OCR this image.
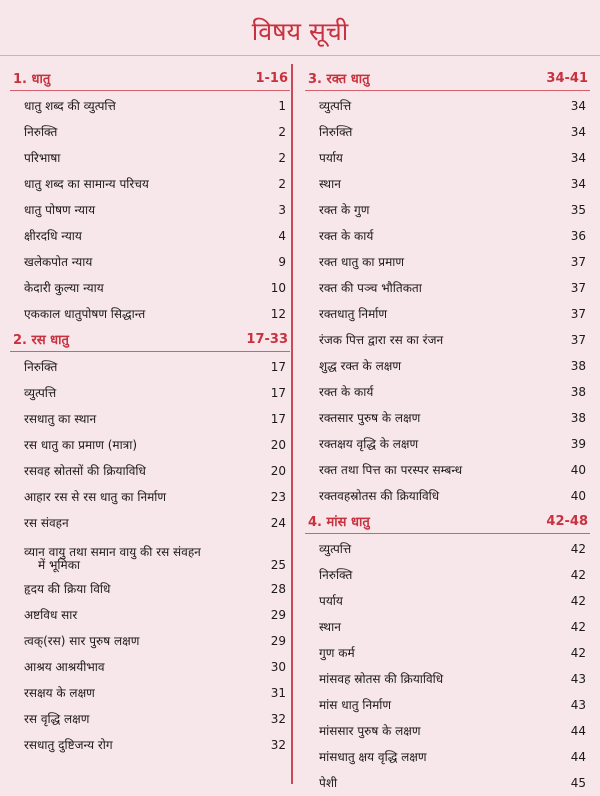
विषय सूची
1. धातु	1-16
धातु शब्द की व्युत्पत्ति	1
निरुक्ति	2
परिभाषा	2
धातु शब्द का सामान्य परिचय	2
धातु पोषण न्याय	3
क्षीरदधि न्याय	4
खलेकपोत न्याय	9
केदारी कुल्या न्याय	10
एककाल धातुपोषण सिद्धान्त	12
2. रस धातु	17-33
निरुक्ति	17
व्युत्पत्ति	17
रसधातु का स्थान	17
रस धातु का प्रमाण (मात्रा)	20
रसवह स्रोतसों की क्रियाविधि	20
आहार रस से रस धातु का निर्माण	23
रस संवहन	24
व्यान वायु तथा समान वायु की रस संवहन
में भूमिका	25
हृदय की क्रिया विधि	28
अष्टविध सार	29
त्वक्(रस) सार पुरुष लक्षण	29
आश्रय आश्रयीभाव	30
रसक्षय के लक्षण	31
रस वृद्धि लक्षण	32
रसधातु दुष्टिजन्य रोग	32
3. रक्त धातु	34-41
व्युत्पत्ति	34
निरुक्ति	34
पर्याय	34
स्थान	34
रक्त के गुण	35
रक्त के कार्य	36
रक्त धातु का प्रमाण	37
रक्त की पञ्च भौतिकता	37
रक्तधातु निर्माण	37
रंजक पित्त द्वारा रस का रंजन	37
शुद्ध रक्त के लक्षण	38
रक्त के कार्य	38
रक्तसार पुरुष के लक्षण	38
रक्तक्षय वृद्धि के लक्षण	39
रक्त तथा पित्त का परस्पर सम्बन्ध	40
रक्तवहस्रोतस की क्रियाविधि	40
4. मांस धातु	42-48
व्युत्पत्ति	42
निरुक्ति	42
पर्याय	42
स्थान	42
गुण कर्म	42
मांसवह स्रोतस की क्रियाविधि	43
मांस धातु निर्माण	43
मांससार पुरुष के लक्षण	44
मांसधातु क्षय वृद्धि लक्षण	44
पेशी	45
